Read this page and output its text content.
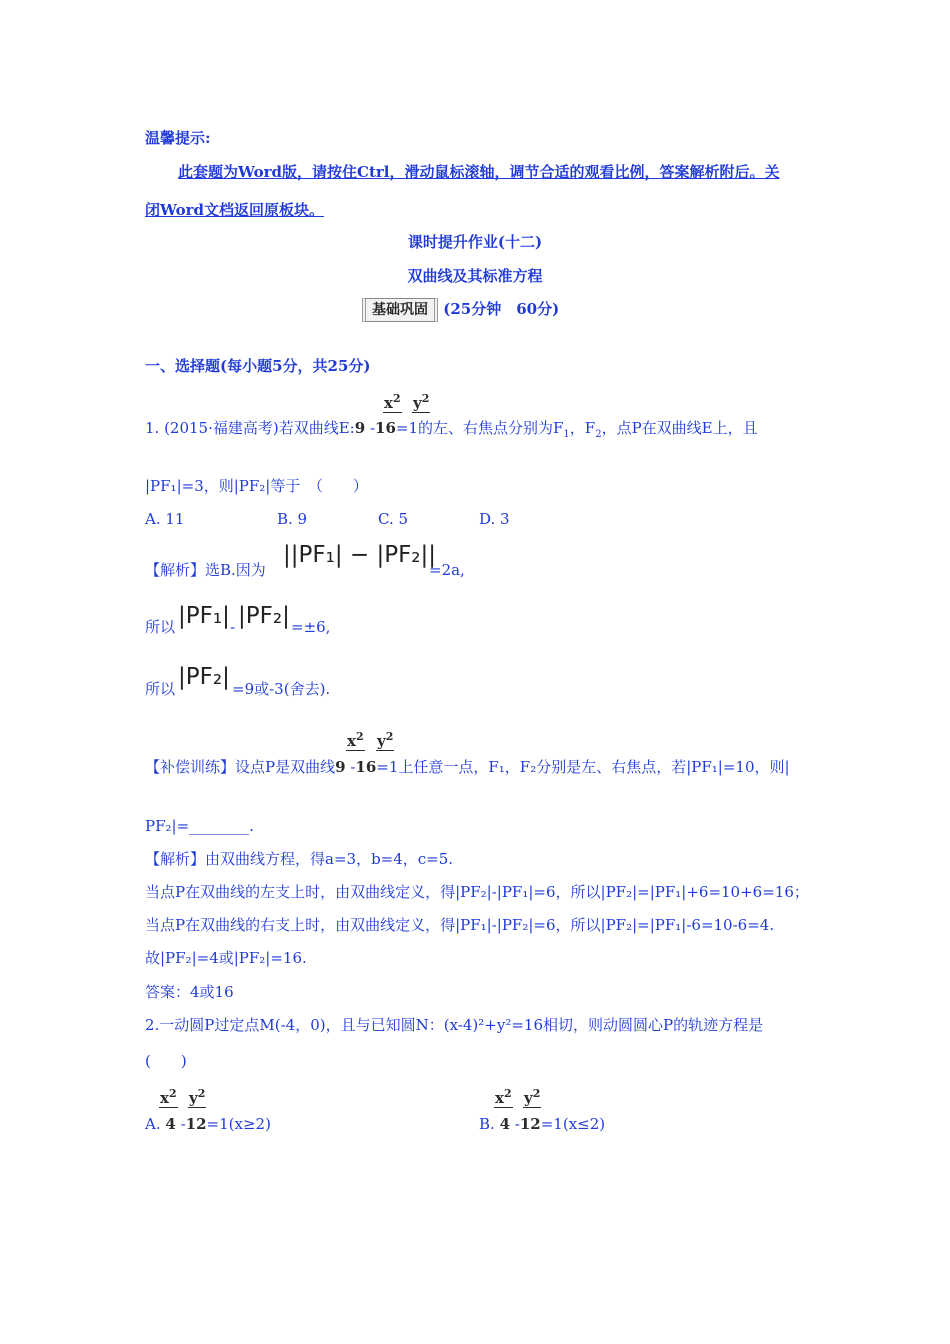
温馨提示:
此套题为Word版，请按住Ctrl，滑动鼠标滚轴，调节合适的观看比例，答案解析附后。关
闭Word文档返回原板块。
课时提升作业(十二)
双曲线及其标准方程
基础巩固 (25分钟　60分)
一、选择题(每小题5分，共25分)
$x^2$ $y^2$
1. (2015·福建高考)若双曲线E:9 -16=1的左、右焦点分别为$F_1$，$F_2$，点P在双曲线E上，且
|PF₁|=3，则|PF₂|等于　（　　）
A. 11	B. 9	C. 5	D. 3
【解析】选B.因为
||PF₁| − |PF₂||
=2a,
所以 |PF₁| - |PF₂| =±6,
所以 |PF₂| =9或-3(舍去).
$x^2$ $y^2$
【补偿训练】设点P是双曲线9 -16=1上任意一点，F₁，F₂分别是左、右焦点，若|PF₁|=10，则|
PF₂|=________.
【解析】由双曲线方程，得a=3，b=4，c=5.
当点P在双曲线的左支上时，由双曲线定义，得|PF₂|-|PF₁|=6，所以|PF₂|=|PF₁|+6=10+6=16；
当点P在双曲线的右支上时，由双曲线定义，得|PF₁|-|PF₂|=6，所以|PF₂|=|PF₁|-6=10-6=4.
故|PF₂|=4或|PF₂|=16.
答案：4或16
2.一动圆P过定点M(-4，0)，且与已知圆N：(x-4)²+y²=16相切，则动圆圆心P的轨迹方程是
(　　)
$x^2$ $y^2$
A. 4 -12=1(x≥2)
$x^2$ $y^2$
B. 4 -12=1(x≤2)
